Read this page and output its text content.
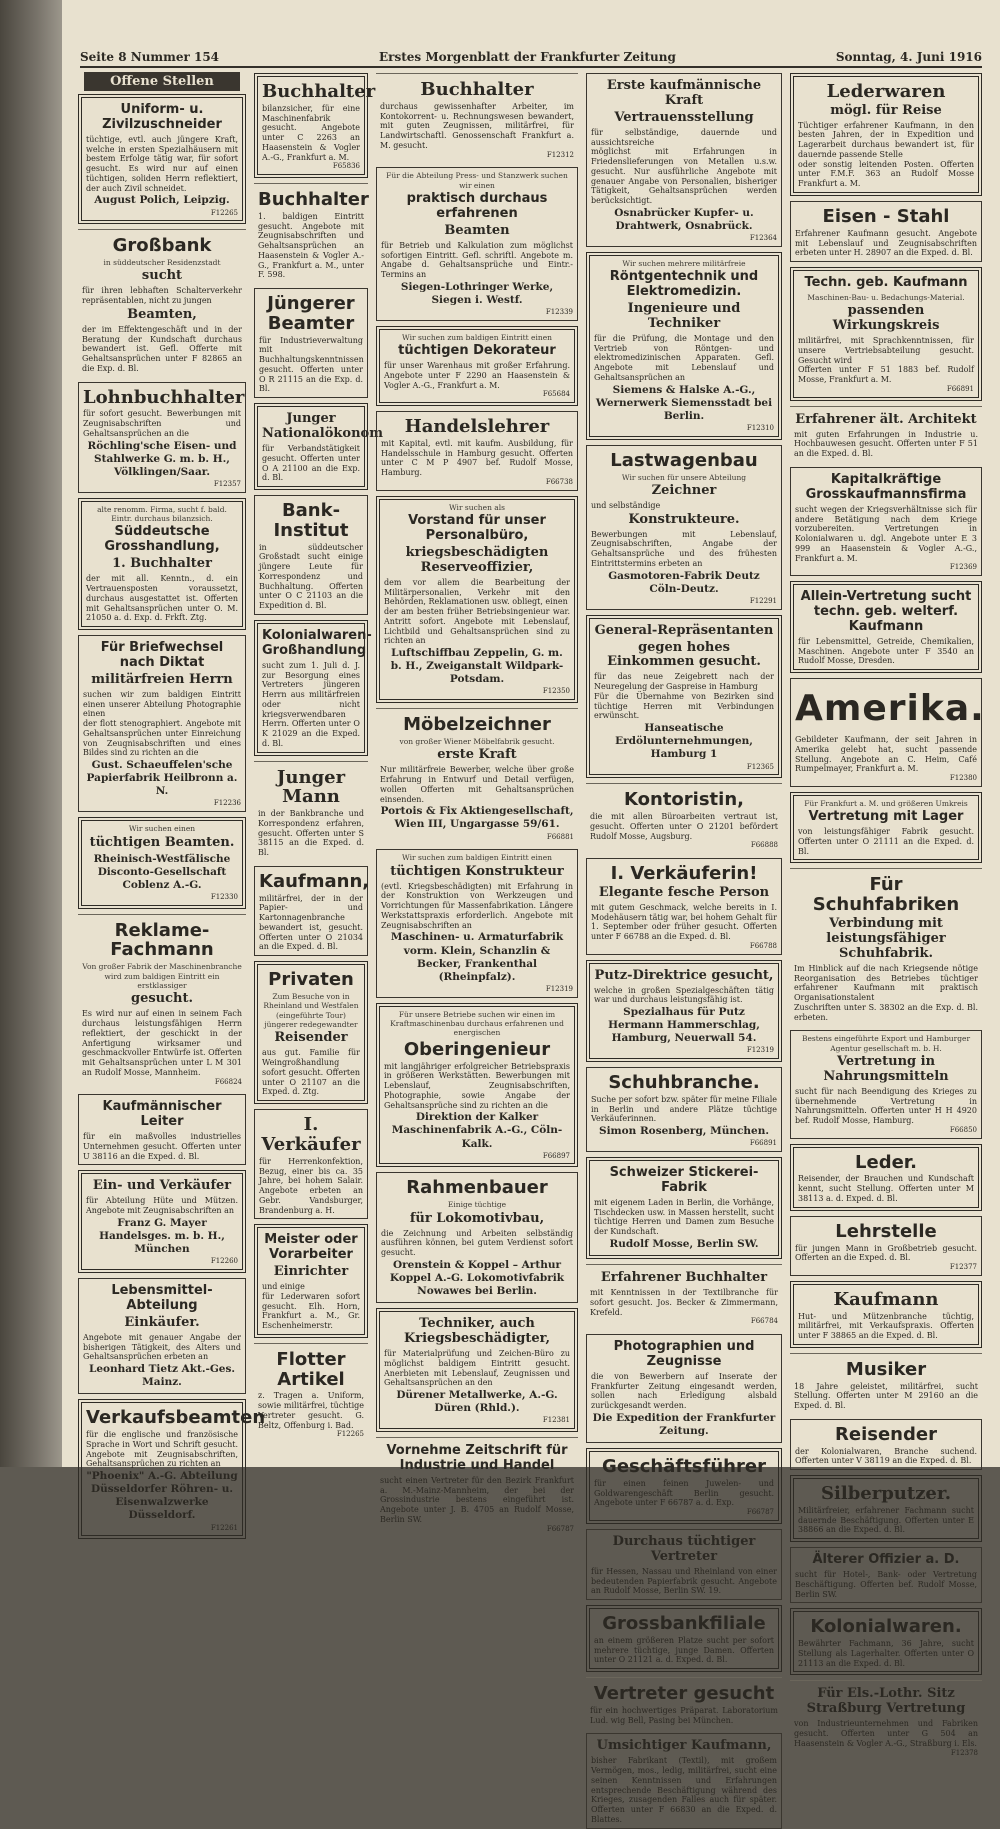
Seite 8 Nummer 154	Erstes Morgenblatt der Frankfurter Zeitung	Sonntag, 4. Juni 1916
Offene Stellen
Uniform- u. Zivilzuschneider
tüchtige, evtl. auch jüngere Kraft, welche in ersten Spezialhäusern mit bestem Erfolge tätig war, für sofort gesucht. Es wird nur auf einen tüchtigen, soliden Herrn reflektiert, der auch Zivil schneidet.
August Polich, Leipzig.
F12265
Großbank
in süddeutscher Residenzstadt
sucht
für ihren lebhaften Schalterverkehr repräsentablen, nicht zu jungen
Beamten,
der im Effektengeschäft und in der Beratung der Kundschaft durchaus bewandert ist. Gefl. Offerte mit Gehaltsansprüchen unter F 82865 an die Exp. d. Bl.
Lohnbuchhalter
für sofort gesucht. Bewerbungen mit Zeugnisabschriften und Gehaltsansprüchen an die
Röchling'sche Eisen- und Stahlwerke G. m. b. H., Völklingen/Saar.
F12357
alte renomm. Firma, sucht f. bald. Eintr. durchaus bilanzsich.
Süddeutsche Grosshandlung,
1. Buchhalter
der mit all. Kenntn., d. ein Vertrauensposten voraussetzt, durchaus ausgestattet ist. Offerten mit Gehaltsansprüchen unter O. M. 21050 a. d. Exp. d. Frkft. Ztg.
Für Briefwechsel nach Diktat
militärfreien Herrn
suchen wir zum baldigen Eintritt einen unserer Abteilung Photographie einen
der flott stenographiert. Angebote mit Gehaltsansprüchen unter Einreichung von Zeugnisabschriften und eines Bildes sind zu richten an die
Gust. Schaeuffelen'sche Papierfabrik Heilbronn a. N.
F12236
Wir suchen einen
tüchtigen Beamten.
Rheinisch-Westfälische Disconto-Gesellschaft Coblenz A.-G.
F12330
Reklame-Fachmann
Von großer Fabrik der Maschinenbranche wird zum baldigen Eintritt ein erstklassiger
gesucht.
Es wird nur auf einen in seinem Fach durchaus leistungsfähigen Herrn reflektiert, der geschickt in der Anfertigung wirksamer und geschmackvoller Entwürfe ist. Offerten mit Gehaltsansprüchen unter L M 301 an Rudolf Mosse, Mannheim.
F66824
Kaufmännischer Leiter
für ein maßvolles industrielles Unternehmen gesucht. Offerten unter U 38116 an die Exped. d. Bl.
Ein- und Verkäufer
für Abteilung Hüte und Mützen. Angebote mit Zeugnisabschriften an
Franz G. Mayer Handelsges. m. b. H., München
F12260
Lebensmittel-Abteilung
Einkäufer.
Angebote mit genauer Angabe der bisherigen Tätigkeit, des Alters und Gehaltsansprüchen erbeten an
Leonhard Tietz Akt.-Ges. Mainz.
Verkaufsbeamten
für die englische und französische Sprache in Wort und Schrift gesucht. Angebote mit Zeugnisabschriften, Gehaltsansprüchen zu richten an
"Phoenix" A.-G. Abteilung Düsseldorfer Röhren- u. Eisenwalzwerke Düsseldorf.
F12261
Buchhalter
bilanzsicher, für eine Maschinenfabrik gesucht. Angebote unter C 2263 an Haasenstein & Vogler A.-G., Frankfurt a. M.
F65836
Buchhalter
1. baldigen Eintritt gesucht. Angebote mit Zeugnisabschriften und Gehaltsansprüchen an Haasenstein & Vogler A.-G., Frankfurt a. M., unter F. 598.
Jüngerer Beamter
für Industrieverwaltung mit Buchhaltungskenntnissen gesucht. Offerten unter O R 21115 an die Exp. d. Bl.
Junger Nationalökonom
für Verbandstätigkeit gesucht. Offerten unter O A 21100 an die Exp. d. Bl.
Bank-Institut
in süddeutscher Großstadt sucht einige jüngere Leute für Korrespondenz und Buchhaltung. Offerten unter O C 21103 an die Expedition d. Bl.
Kolonialwaren-Großhandlung
sucht zum 1. Juli d. J. zur Besorgung eines Vertreters jüngeren Herrn aus militärfreien oder nicht kriegsverwendbaren Herrn. Offerten unter O K 21029 an die Exped. d. Bl.
Junger Mann
in der Bankbranche und Korrespondenz erfahren, gesucht. Offerten unter S 38115 an die Exped. d. Bl.
Kaufmann,
militärfrei, der in der Papier- und Kartonnagenbranche bewandert ist, gesucht. Offerten unter O 21034 an die Exped. d. Bl.
Privaten
Zum Besuche von in Rheinland und Westfalen (eingeführte Tour) jüngerer redegewandter
Reisender
aus gut. Familie für Weingroßhandlung sofort gesucht. Offerten unter O 21107 an die Exped. d. Ztg.
I. Verkäufer
für Herrenkonfektion, Bezug, einer bis ca. 35 Jahre, bei hohem Salair. Angebote erbeten an Gebr. Vandsburger, Brandenburg a. H.
Meister oder Vorarbeiter
Einrichter
und einige
für Lederwaren sofort gesucht. Elh. Horn, Frankfurt a. M., Gr. Eschenheimerstr.
Flotter Artikel
z. Tragen a. Uniform, sowie militärfrei, tüchtige Vertreter gesucht. G. Beltz, Offenburg i. Bad.
F12265
Buchhalter
durchaus gewissenhafter Arbeiter, im Kontokorrent- u. Rechnungswesen bewandert, mit guten Zeugnissen, militärfrei, für Landwirtschaftl. Genossenschaft Frankfurt a. M. gesucht.
F12312
Für die Abteilung Press- und Stanzwerk suchen wir einen
praktisch durchaus erfahrenen
Beamten
für Betrieb und Kalkulation zum möglichst sofortigen Eintritt. Gefl. schriftl. Angebote m. Angabe d. Gehaltsansprüche und Eintr.-Termins an
Siegen-Lothringer Werke, Siegen i. Westf.
F12339
Wir suchen zum baldigen Eintritt einen
tüchtigen Dekorateur
für unser Warenhaus mit großer Erfahrung. Angebote unter F 2290 an Haasenstein & Vogler A.-G., Frankfurt a. M.
F65684
Handelslehrer
mit Kapital, evtl. mit kaufm. Ausbildung, für Handelsschule in Hamburg gesucht. Offerten unter C M P 4907 bef. Rudolf Mosse, Hamburg.
F66738
Wir suchen als
Vorstand für unser Personalbüro,
kriegsbeschädigten Reserveoffizier,
dem vor allem die Bearbeitung der Militärpersonalien, Verkehr mit den Behörden, Reklamationen usw. obliegt, einen
der am besten früher Betriebsingenieur war. Antritt sofort. Angebote mit Lebenslauf, Lichtbild und Gehaltsansprüchen sind zu richten an
Luftschiffbau Zeppelin, G. m. b. H., Zweiganstalt Wildpark-Potsdam.
F12350
Möbelzeichner
von großer Wiener Möbelfabrik gesucht.
erste Kraft
Nur militärfreie Bewerber, welche über große Erfahrung in Entwurf und Detail verfügen, wollen Offerten mit Gehaltsansprüchen einsenden.
Portois & Fix Aktiengesellschaft, Wien III, Ungargasse 59/61.
F66881
Wir suchen zum baldigen Eintritt einen
tüchtigen Konstrukteur
(evtl. Kriegsbeschädigten) mit Erfahrung in der Konstruktion von Werkzeugen und Vorrichtungen für Massenfabrikation. Längere Werkstattspraxis erforderlich. Angebote mit Zeugnisabschriften an
Maschinen- u. Armaturfabrik vorm. Klein, Schanzlin & Becker, Frankenthal (Rheinpfalz).
F12319
Für unsere Betriebe suchen wir einen im Kraftmaschinenbau durchaus erfahrenen und energischen
Oberingenieur
mit langjähriger erfolgreicher Betriebspraxis in größeren Werkstätten. Bewerbungen mit Lebenslauf, Zeugnisabschriften, Photographie, sowie Angabe der Gehaltsansprüche sind zu richten an die
Direktion der Kalker Maschinenfabrik A.-G., Cöln-Kalk.
F66897
Rahmenbauer
Einige tüchtige
für Lokomotivbau,
die Zeichnung und Arbeiten selbständig ausführen können, bei gutem Verdienst sofort gesucht.
Orenstein & Koppel – Arthur Koppel A.-G. Lokomotivfabrik Nowawes bei Berlin.
Techniker, auch Kriegsbeschädigter,
für Materialprüfung und Zeichen-Büro zu möglichst baldigem Eintritt gesucht. Anerbieten mit Lebenslauf, Zeugnissen und Gehaltsansprüchen an den
Dürener Metallwerke, A.-G. Düren (Rhld.).
F12381
Vornehme Zeitschrift für Industrie und Handel
sucht einen Vertreter für den Bezirk Frankfurt a. M.-Mainz-Mannheim, der bei der Grossindustrie bestens eingeführt ist. Angebote unter J. B. 4705 an Rudolf Mosse, Berlin SW.
F66787
Erste kaufmännische Kraft
Vertrauensstellung
für selbständige, dauernde und aussichtsreiche
möglichst mit Erfahrungen in Friedenslieferungen von Metallen u.s.w. gesucht. Nur ausführliche Angebote mit genauer Angabe von Personalien, bisheriger Tätigkeit, Gehaltsansprüchen werden berücksichtigt.
Osnabrücker Kupfer- u. Drahtwerk, Osnabrück.
F12364
Wir suchen mehrere militärfreie
Röntgentechnik und Elektromedizin.
Ingenieure und Techniker
für die Prüfung, die Montage und den Vertrieb von Röntgen- und elektromedizinischen Apparaten. Gefl. Angebote mit Lebenslauf und Gehaltsansprüchen an
Siemens & Halske A.-G., Wernerwerk Siemensstadt bei Berlin.
F12310
Lastwagenbau
Wir suchen für unsere Abteilung
Zeichner
und selbständige
Konstrukteure.
Bewerbungen mit Lebenslauf, Zeugnisabschriften, Angabe der Gehaltsansprüche und des frühesten Eintrittstermins erbeten an
Gasmotoren-Fabrik Deutz Cöln-Deutz.
F12291
General-Repräsentanten
gegen hohes Einkommen gesucht.
für das neue Zeigebrett nach der Neuregelung der Gaspreise in Hamburg
Für die Übernahme von Bezirken sind tüchtige Herren mit Verbindungen erwünscht.
Hanseatische Erdölunternehmungen, Hamburg 1
F12365
Kontoristin,
die mit allen Büroarbeiten vertraut ist, gesucht. Offerten unter O 21201 befördert Rudolf Mosse, Augsburg.
F66888
I. Verkäuferin!
Elegante fesche Person
mit gutem Geschmack, welche bereits in I. Modehäusern tätig war, bei hohem Gehalt für 1. September oder früher gesucht. Offerten unter F 66788 an die Exped. d. Bl.
F66788
Putz-Direktrice gesucht,
welche in großen Spezialgeschäften tätig war und durchaus leistungsfähig ist.
Spezialhaus für Putz Hermann Hammerschlag, Hamburg, Neuerwall 54.
F12319
Schuhbranche.
Suche per sofort bzw. später für meine Filiale in Berlin und andere Plätze tüchtige Verkäuferinnen.
Simon Rosenberg, München.
F66891
Schweizer Stickerei-Fabrik
mit eigenem Laden in Berlin, die Vorhänge, Tischdecken usw. in Massen herstellt, sucht tüchtige Herren und Damen zum Besuche der Kundschaft.
Rudolf Mosse, Berlin SW.
Erfahrener Buchhalter
mit Kenntnissen in der Textilbranche für sofort gesucht. Jos. Becker & Zimmermann, Krefeld.
F66784
Photographien und Zeugnisse
die von Bewerbern auf Inserate der Frankfurter Zeitung eingesandt werden, sollen nach Erledigung alsbald zurückgesandt werden.
Die Expedition der Frankfurter Zeitung.
Geschäftsführer
für einen feinen Juwelen- und Goldwarengeschäft Berlin gesucht. Angebote unter F 66787 a. d. Exp.
F66787
Durchaus tüchtiger Vertreter
für Hessen, Nassau und Rheinland von einer bedeutenden Papierfabrik gesucht. Angebote an Rudolf Mosse, Berlin SW. 19.
Grossbankfiliale
an einem größeren Platze sucht per sofort mehrere tüchtige, junge Damen. Offerten unter O 21121 a. d. Exped. d. Bl.
Vertreter gesucht
für ein hochwertiges Präparat. Laboratorium Lud. wig Bell, Pasing bei München.
Umsichtiger Kaufmann,
bisher Fabrikant (Textil), mit großem Vermögen, mos., ledig, militärfrei, sucht eine seinen Kenntnissen und Erfahrungen entsprechende Beschäftigung während des Krieges, zusagenden Falles auch für später. Offerten unter F 66830 an die Exped. d. Blattes.
Lederwaren
mögl. für Reise
Tüchtiger erfahrener Kaufmann, in den besten Jahren, der in Expedition und Lagerarbeit durchaus bewandert ist, für dauernde passende Stelle
oder sonstig leitenden Posten. Offerten unter F.M.F. 363 an Rudolf Mosse Frankfurt a. M.
Eisen - Stahl
Erfahrener Kaufmann gesucht. Angebote mit Lebenslauf und Zeugnisabschriften erbeten unter H. 28907 an die Exped. d. Bl.
Techn. geb. Kaufmann
Maschinen-Bau- u. Bedachungs-Material.
passenden Wirkungskreis
militärfrei, mit Sprachkenntnissen, für unsere Vertriebsabteilung gesucht. Gesucht wird
Offerten unter F 51 1883 bef. Rudolf Mosse, Frankfurt a. M.
F66891
Erfahrener ält. Architekt
mit guten Erfahrungen in Industrie u. Hochbauwesen gesucht. Offerten unter F 51 an die Exped. d. Bl.
Kapitalkräftige Grosskaufmannsfirma
sucht wegen der Kriegsverhältnisse sich für andere Betätigung nach dem Kriege vorzubereiten. Vertretungen in Kolonialwaren u. dgl. Angebote unter E 3 999 an Haasenstein & Vogler A.-G., Frankfurt a. M.
F12369
Allein-Vertretung sucht techn. geb. welterf. Kaufmann
für Lebensmittel, Getreide, Chemikalien, Maschinen. Angebote unter F 3540 an Rudolf Mosse, Dresden.
Amerika.
Gebildeter Kaufmann, der seit Jahren in Amerika gelebt hat, sucht passende Stellung. Angebote an C. Heim, Café Rumpelmayer, Frankfurt a. M.
F12380
Für Frankfurt a. M. und größeren Umkreis
Vertretung mit Lager
von leistungsfähiger Fabrik gesucht. Offerten unter O 21111 an die Exped. d. Bl.
Für Schuhfabriken
Verbindung mit leistungsfähiger Schuhfabrik.
Im Hinblick auf die nach Kriegsende nötige Reorganisation des Betriebes tüchtiger erfahrener Kaufmann mit praktisch Organisationstalent
Zuschriften unter S. 38302 an die Exp. d. Bl. erbeten.
Bestens eingeführte Export und Hamburger Agentur gesellschaft m. b. H.
Vertretung in Nahrungsmitteln
sucht für nach Beendigung des Krieges zu übernehmende Vertretung in Nahrungsmitteln. Offerten unter H H 4920 bef. Rudolf Mosse, Hamburg.
F66850
Leder.
Reisender, der Brauchen und Kundschaft kennt, sucht Stellung. Offerten unter M 38113 a. d. Exped. d. Bl.
Lehrstelle
für jungen Mann in Großbetrieb gesucht. Offerten an die Exped. d. Bl.
F12377
Kaufmann
Hut- und Mützenbranche tüchtig, militärfrei, mit Verkaufspraxis. Offerten unter F 38865 an die Exped. d. Bl.
Musiker
18 Jahre geleistet, militärfrei, sucht Stellung. Offerten unter M 29160 an die Exped. d. Bl.
Reisender
der Kolonialwaren, Branche suchend. Offerten unter V 38119 an die Exped. d. Bl.
Silberputzer.
Militärfreier, erfahrener Fachmann sucht dauernde Beschäftigung. Offerten unter E 38866 an die Exped. d. Bl.
Älterer Offizier a. D.
sucht für Hotel-, Bank- oder Vertretung Beschäftigung. Offerten bef. Rudolf Mosse, Berlin SW.
Kolonialwaren.
Bewährter Fachmann, 36 Jahre, sucht Stellung als Lagerhalter. Offerten unter O 21113 an die Exped. d. Bl.
Für Els.-Lothr. Sitz Straßburg Vertretung
von Industrieunternehmen und Fabriken gesucht. Offerten unter G 504 an Haasenstein & Vogler A.-G., Straßburg i. Els.
F12378
